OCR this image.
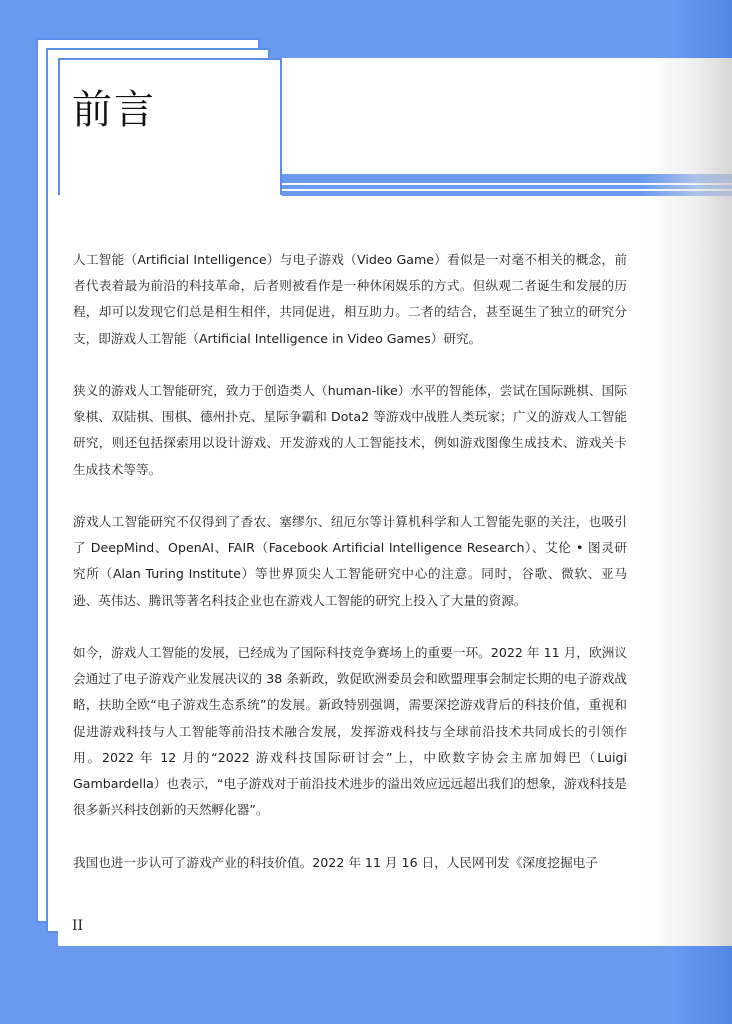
前言

人工智能（Artificial Intelligence）与电子游戏（Video Game）看似是一对毫不相关的概念，前者代表着最为前沿的科技革命，后者则被看作是一种休闲娱乐的方式。但纵观二者诞生和发展的历程，却可以发现它们总是相生相伴，共同促进，相互助力。二者的结合，甚至诞生了独立的研究分支，即游戏人工智能（Artificial Intelligence in Video Games）研究。

狭义的游戏人工智能研究，致力于创造类人（human-like）水平的智能体，尝试在国际跳棋、国际象棋、双陆棋、围棋、德州扑克、星际争霸和 Dota2 等游戏中战胜人类玩家；广义的游戏人工智能研究，则还包括探索用以设计游戏、开发游戏的人工智能技术，例如游戏图像生成技术、游戏关卡生成技术等等。

游戏人工智能研究不仅得到了香农、塞缪尔、纽厄尔等计算机科学和人工智能先驱的关注，也吸引了 DeepMind、OpenAI、FAIR（Facebook Artificial Intelligence Research）、艾伦 • 图灵研究所（Alan Turing Institute）等世界顶尖人工智能研究中心的注意。同时，谷歌、微软、亚马逊、英伟达、腾讯等著名科技企业也在游戏人工智能的研究上投入了大量的资源。

如今，游戏人工智能的发展，已经成为了国际科技竞争赛场上的重要一环。2022 年 11 月，欧洲议会通过了电子游戏产业发展决议的 38 条新政，敦促欧洲委员会和欧盟理事会制定长期的电子游戏战略，扶助全欧“电子游戏生态系统”的发展。新政特别强调，需要深挖游戏背后的科技价值，重视和促进游戏科技与人工智能等前沿技术融合发展，发挥游戏科技与全球前沿技术共同成长的引领作用。2022 年 12 月的“2022 游戏科技国际研讨会”上，中欧数字协会主席加姆巴（Luigi Gambardella）也表示，“电子游戏对于前沿技术进步的溢出效应远远超出我们的想象，游戏科技是很多新兴科技创新的天然孵化器”。

我国也进一步认可了游戏产业的科技价值。2022 年 11 月 16 日，人民网刊发《深度挖掘电子

II
